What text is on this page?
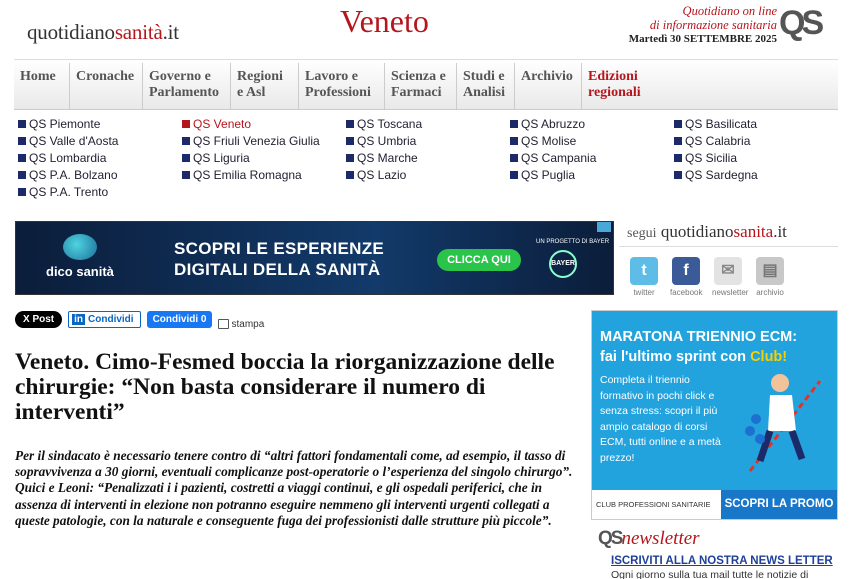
quotidianosanità.it	Veneto	Quotidiano on line
di informazione sanitaria
Martedì 30 SETTEMBRE 2025 QS
Home	Cronache	Governo e Parlamento
Regioni e Asl
Lavoro e Professioni
Scienza e Farmaci
Studi e Analisi
Archivio	Edizioni regionali
QS Piemonte
QS Valle d'Aosta
QS Lombardia
QS P.A. Bolzano
QS P.A. Trento
QS Veneto
QS Friuli Venezia Giulia
QS Liguria
QS Emilia Romagna
QS Toscana
QS Umbria
QS Marche
QS Lazio
QS Abruzzo
QS Molise
QS Campania
QS Puglia
QS Basilicata
QS Calabria
QS Sicilia
QS Sardegna
dico sanità
SCOPRI LE ESPERIENZE
DIGITALI DELLA SANITÀ	CLICCA QUI
UN PROGETTO DI BAYER
BAYER
segui quotidianosanita.it
t
twitter
f
facebook
✉
newsletter
▤
archivio
MARATONA TRIENNIO ECM:
fai l'ultimo sprint con Club!
Completa il triennio formativo in pochi click e senza stress: scopri il più ampio catalogo di corsi ECM, tutti online e a metà prezzo!
CLUB PROFESSIONI SANITARIE	SCOPRI LA PROMO
QSnewsletter
ISCRIVITI ALLA NOSTRA NEWS LETTER
Ogni giorno sulla tua mail tutte le notizie di
X Post	in Condividi	Condividi 0	stampa
Veneto. Cimo-Fesmed boccia la riorganizzazione delle chirurgie: “Non basta considerare il numero di interventi”

Per il sindacato è necessario tenere contro di “altri fattori fondamentali come, ad esempio, il tasso di sopravvivenza a 30 giorni, eventuali complicanze post-operatorie o l’esperienza del singolo chirurgo”. Quici e Leoni: “Penalizzati i i pazienti, costretti a viaggi continui, e gli ospedali periferici, che in assenza di interventi in elezione non potranno eseguire nemmeno gli interventi urgenti collegati a queste patologie, con la naturale e conseguente fuga dei professionisti dalle strutture più piccole”.
